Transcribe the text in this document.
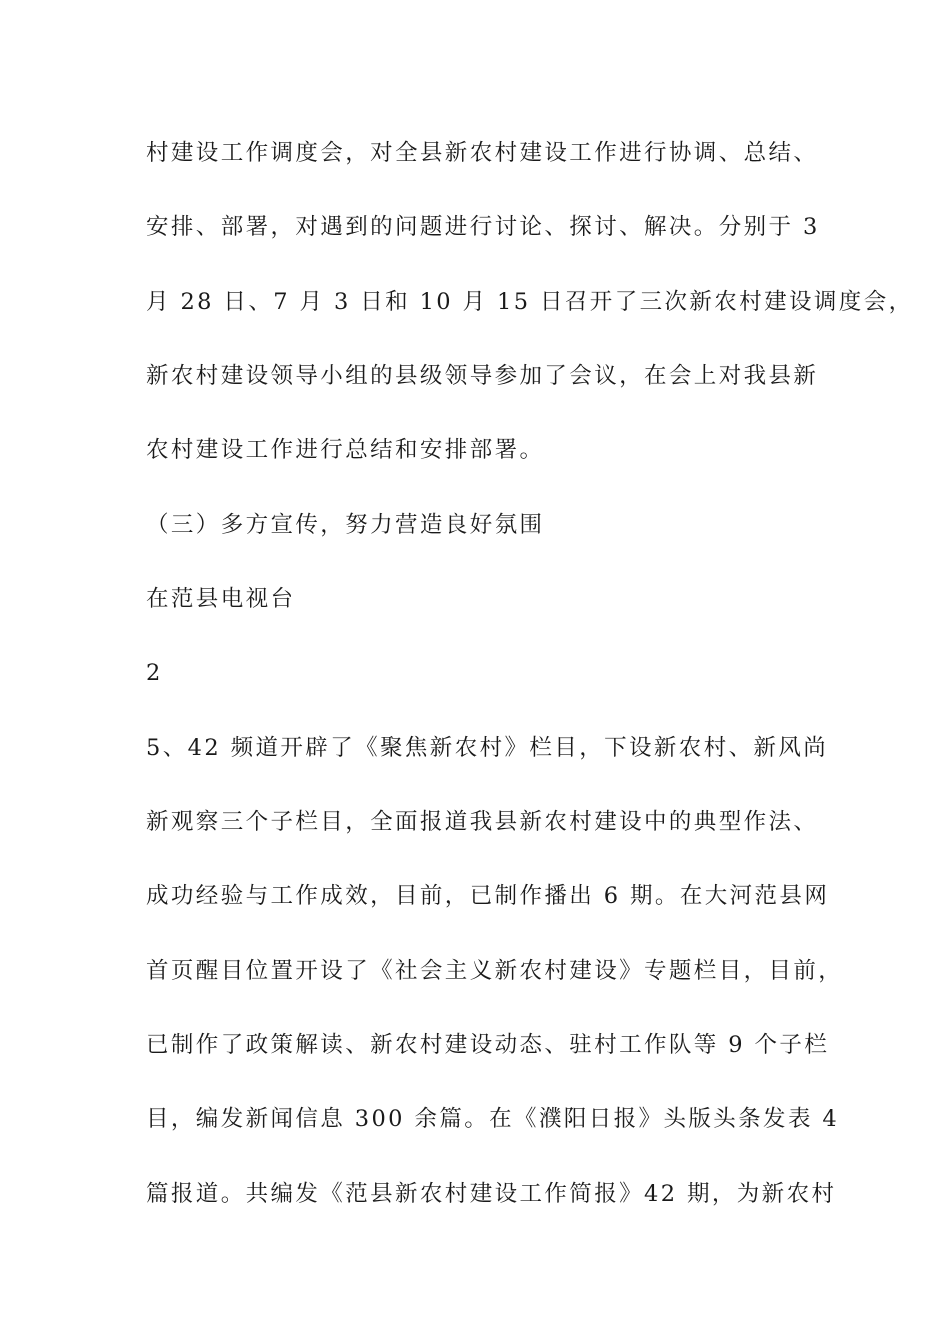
村建设工作调度会，对全县新农村建设工作进行协调、总结、
安排、部署，对遇到的问题进行讨论、探讨、解决。分别于 3
月 28 日、7 月 3 日和 10 月 15 日召开了三次新农村建设调度会，
新农村建设领导小组的县级领导参加了会议，在会上对我县新
农村建设工作进行总结和安排部署。
（三）多方宣传，努力营造良好氛围
在范县电视台
2
5、42 频道开辟了《聚焦新农村》栏目，下设新农村、新风尚
新观察三个子栏目，全面报道我县新农村建设中的典型作法、
成功经验与工作成效，目前，已制作播出 6 期。在大河范县网
首页醒目位置开设了《社会主义新农村建设》专题栏目，目前，
已制作了政策解读、新农村建设动态、驻村工作队等 9 个子栏
目，编发新闻信息 300 余篇。在《濮阳日报》头版头条发表 4
篇报道。共编发《范县新农村建设工作简报》42 期，为新农村
